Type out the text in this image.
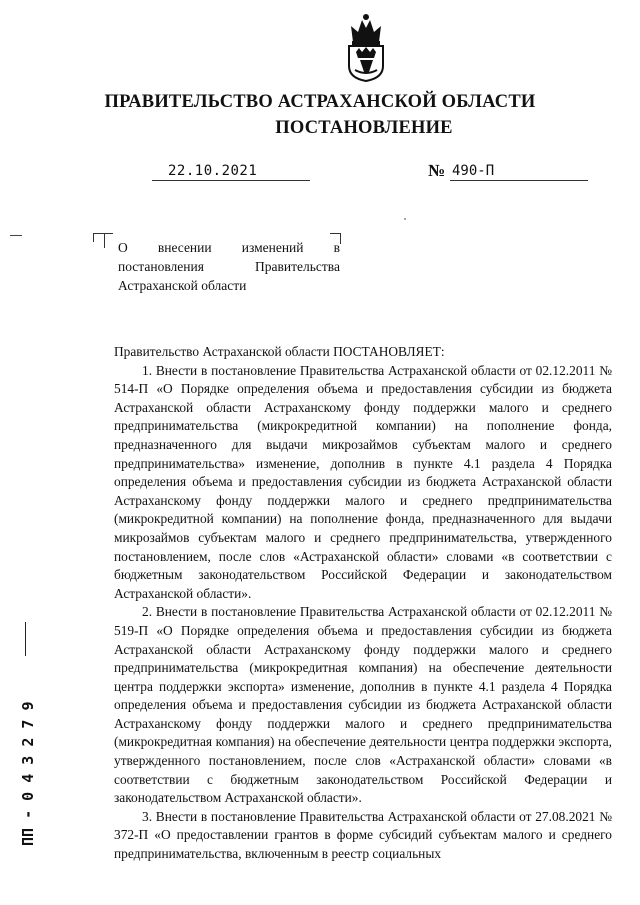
ПРАВИТЕЛЬСТВО АСТРАХАНСКОЙ ОБЛАСТИ
ПОСТАНОВЛЕНИЕ
22.10.2021	№ 490-П
О внесении изменений в постановления Правительства Астраханской области

Правительство Астраханской области ПОСТАНОВЛЯЕТ:

1. Внести в постановление Правительства Астраханской области от 02.12.2011 № 514-П «О Порядке определения объема и предоставления субсидии из бюджета Астраханской области Астраханскому фонду поддержки малого и среднего предпринимательства (микрокредитной компании) на пополнение фонда, предназначенного для выдачи микрозаймов субъектам малого и среднего предпринимательства» изменение, дополнив в пункте 4.1 раздела 4 Порядка определения объема и предоставления субсидии из бюджета Астраханской области Астраханскому фонду поддержки малого и среднего предпринимательства (микрокредитной компании) на пополнение фонда, предназначенного для выдачи микрозаймов субъектам малого и среднего предпринимательства, утвержденного постановлением, после слов «Астраханской области» словами «в соответствии с бюджетным законодательством Российской Федерации и законодательством Астраханской области».

2. Внести в постановление Правительства Астраханской области от 02.12.2011 № 519-П «О Порядке определения объема и предоставления субсидии из бюджета Астраханской области Астраханскому фонду поддержки малого и среднего предпринимательства (микрокредитная компания) на обеспечение деятельности центра поддержки экспорта» изменение, дополнив в пункте 4.1 раздела 4 Порядка определения объема и предоставления субсидии из бюджета Астраханской области Астраханскому фонду поддержки малого и среднего предпринимательства (микрокредитная компания) на обеспечение деятельности центра поддержки экспорта, утвержденного постановлением, после слов «Астраханской области» словами «в соответствии с бюджетным законодательством Российской Федерации и законодательством Астраханской области».

3. Внести в постановление Правительства Астраханской области от 27.08.2021 № 372-П «О предоставлении грантов в форме субсидий субъектам малого и среднего предпринимательства, включенным в реестр социальных

ПП - 0 4 3 2 7 9
